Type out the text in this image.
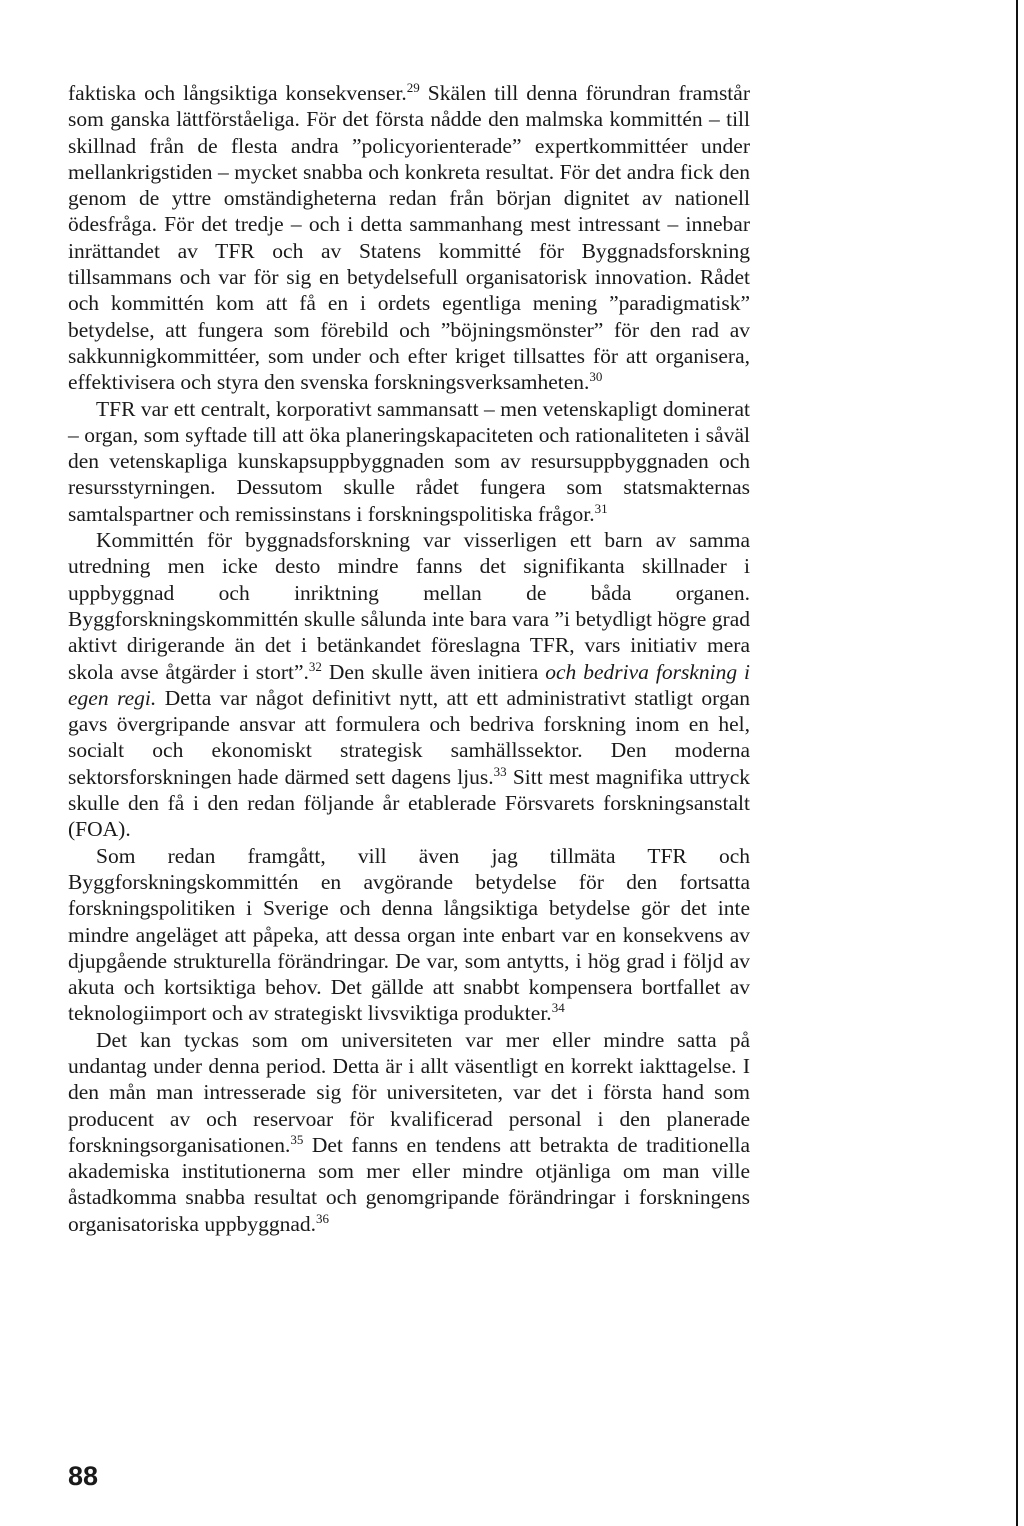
faktiska och långsiktiga konsekvenser.$^{29}$ Skälen till denna förundran framstår som ganska lättförståeliga. För det första nådde den malmska kommittén – till skillnad från de flesta andra ”policyorienterade” expertkommittéer under mellankrigstiden – mycket snabba och konkreta resultat. För det andra fick den genom de yttre omständigheterna redan från början dignitet av nationell ödesfråga. För det tredje – och i detta sammanhang mest intressant – innebar inrättandet av TFR och av Statens kommitté för Byggnadsforskning tillsammans och var för sig en betydelsefull organisatorisk innovation. Rådet och kommittén kom att få en i ordets egentliga mening ”paradigmatisk” betydelse, att fungera som förebild och ”böjningsmönster” för den rad av sakkunnigkommittéer, som under och efter kriget tillsattes för att organisera, effektivisera och styra den svenska forskningsverksamheten.$^{30}$

TFR var ett centralt, korporativt sammansatt – men vetenskapligt dominerat – organ, som syftade till att öka planeringskapaciteten och rationaliteten i såväl den vetenskapliga kunskapsuppbyggnaden som av resursuppbyggnaden och resursstyrningen. Dessutom skulle rådet fungera som statsmakternas samtalspartner och remissinstans i forskningspolitiska frågor.$^{31}$

Kommittén för byggnadsforskning var visserligen ett barn av samma utredning men icke desto mindre fanns det signifikanta skillnader i uppbyggnad och inriktning mellan de båda organen. Byggforskningskommittén skulle sålunda inte bara vara ”i betydligt högre grad aktivt dirigerande än det i betänkandet föreslagna TFR, vars initiativ mera skola avse åtgärder i stort”.$^{32}$ Den skulle även initiera och bedriva forskning i egen regi. Detta var något definitivt nytt, att ett administrativt statligt organ gavs övergripande ansvar att formulera och bedriva forskning inom en hel, socialt och ekonomiskt strategisk samhällssektor. Den moderna sektorsforskningen hade därmed sett dagens ljus.$^{33}$ Sitt mest magnifika uttryck skulle den få i den redan följande år etablerade Försvarets forskningsanstalt (FOA).

Som redan framgått, vill även jag tillmäta TFR och Byggforskningskommittén en avgörande betydelse för den fortsatta forskningspolitiken i Sverige och denna långsiktiga betydelse gör det inte mindre angeläget att påpeka, att dessa organ inte enbart var en konsekvens av djupgående strukturella förändringar. De var, som antytts, i hög grad i följd av akuta och kortsiktiga behov. Det gällde att snabbt kompensera bortfallet av teknologiimport och av strategiskt livsviktiga produkter.$^{34}$

Det kan tyckas som om universiteten var mer eller mindre satta på undantag under denna period. Detta är i allt väsentligt en korrekt iakttagelse. I den mån man intresserade sig för universiteten, var det i första hand som producent av och reservoar för kvalificerad personal i den planerade forskningsorganisationen.$^{35}$ Det fanns en tendens att betrakta de traditionella akademiska institutionerna som mer eller mindre otjänliga om man ville åstadkomma snabba resultat och genomgripande förändringar i forskningens organisatoriska uppbyggnad.$^{36}$

88
